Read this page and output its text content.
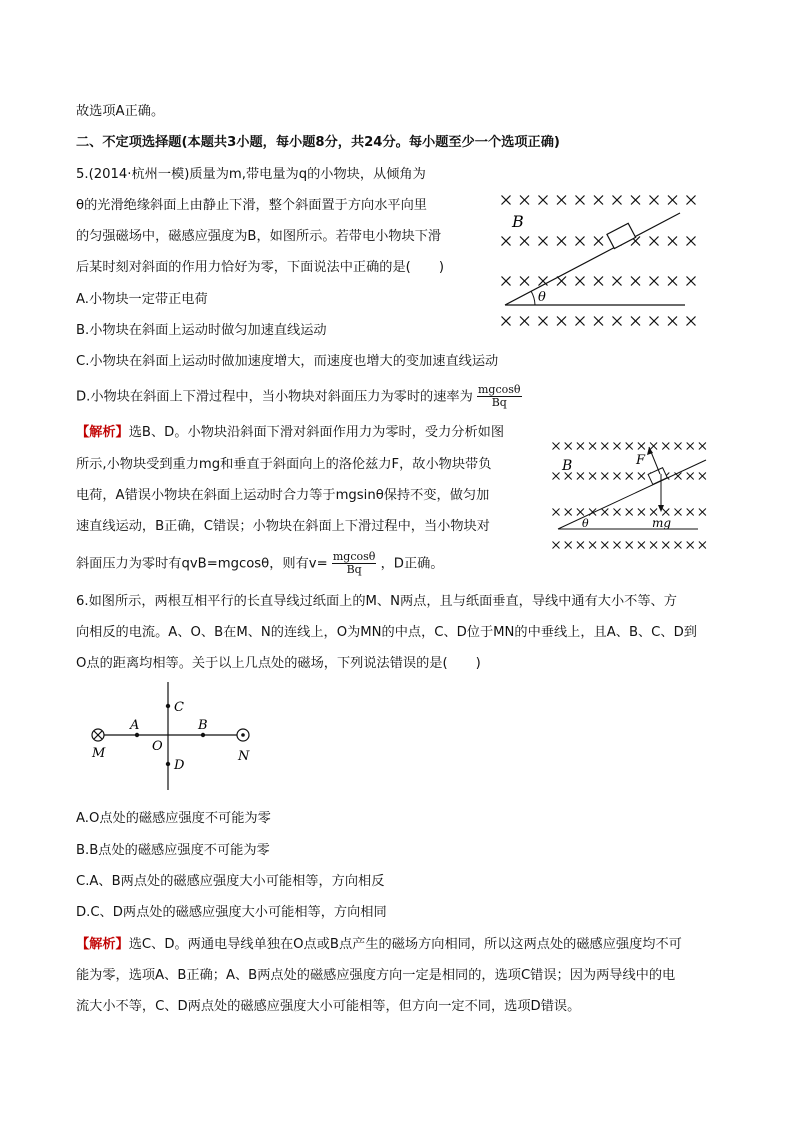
故选项A正确。
二、不定项选择题(本题共3小题，每小题8分，共24分。每小题至少一个选项正确)
5.(2014·杭州一模)质量为m,带电量为q的小物块，从倾角为
θ的光滑绝缘斜面上由静止下滑，整个斜面置于方向水平向里
的匀强磁场中，磁感应强度为B，如图所示。若带电小物块下滑
后某时刻对斜面的作用力恰好为零，下面说法中正确的是( )
A.小物块一定带正电荷
B.小物块在斜面上运动时做匀加速直线运动
C.小物块在斜面上运动时做加速度增大，而速度也增大的变加速直线运动
D.小物块在斜面上下滑过程中，当小物块对斜面压力为零时的速率为 $\frac{mgcos\theta}{Bq}$
【解析】选B、D。小物块沿斜面下滑对斜面作用力为零时，受力分析如图
所示,小物块受到重力mg和垂直于斜面向上的洛伦兹力F，故小物块带负
电荷，A错误小物块在斜面上运动时合力等于mgsinθ保持不变，做匀加
速直线运动，B正确，C错误；小物块在斜面上下滑过程中，当小物块对
斜面压力为零时有qvB=mgcosθ，则有$v= \frac{mgcos\theta}{Bq}$ ，D正确。
6.如图所示，两根互相平行的长直导线过纸面上的M、N两点，且与纸面垂直，导线中通有大小不等、方
向相反的电流。A、O、B在M、N的连线上，O为MN的中点，C、D位于MN的中垂线上，且A、B、C、D到
O点的距离均相等。关于以上几点处的磁场，下列说法错误的是( )
A.O点处的磁感应强度不可能为零
B.B点处的磁感应强度不可能为零
C.A、B两点处的磁感应强度大小可能相等，方向相反
D.C、D两点处的磁感应强度大小可能相等，方向相同
【解析】选C、D。两通电导线单独在O点或B点产生的磁场方向相同，所以这两点处的磁感应强度均不可
能为零，选项A、B正确；A、B两点处的磁感应强度方向一定是相同的，选项C错误；因为两导线中的电
流大小不等，C、D两点处的磁感应强度大小可能相等，但方向一定不同，选项D错误。
θ
B
F
mg
θ
B
M	N
A	B
C
D
O
